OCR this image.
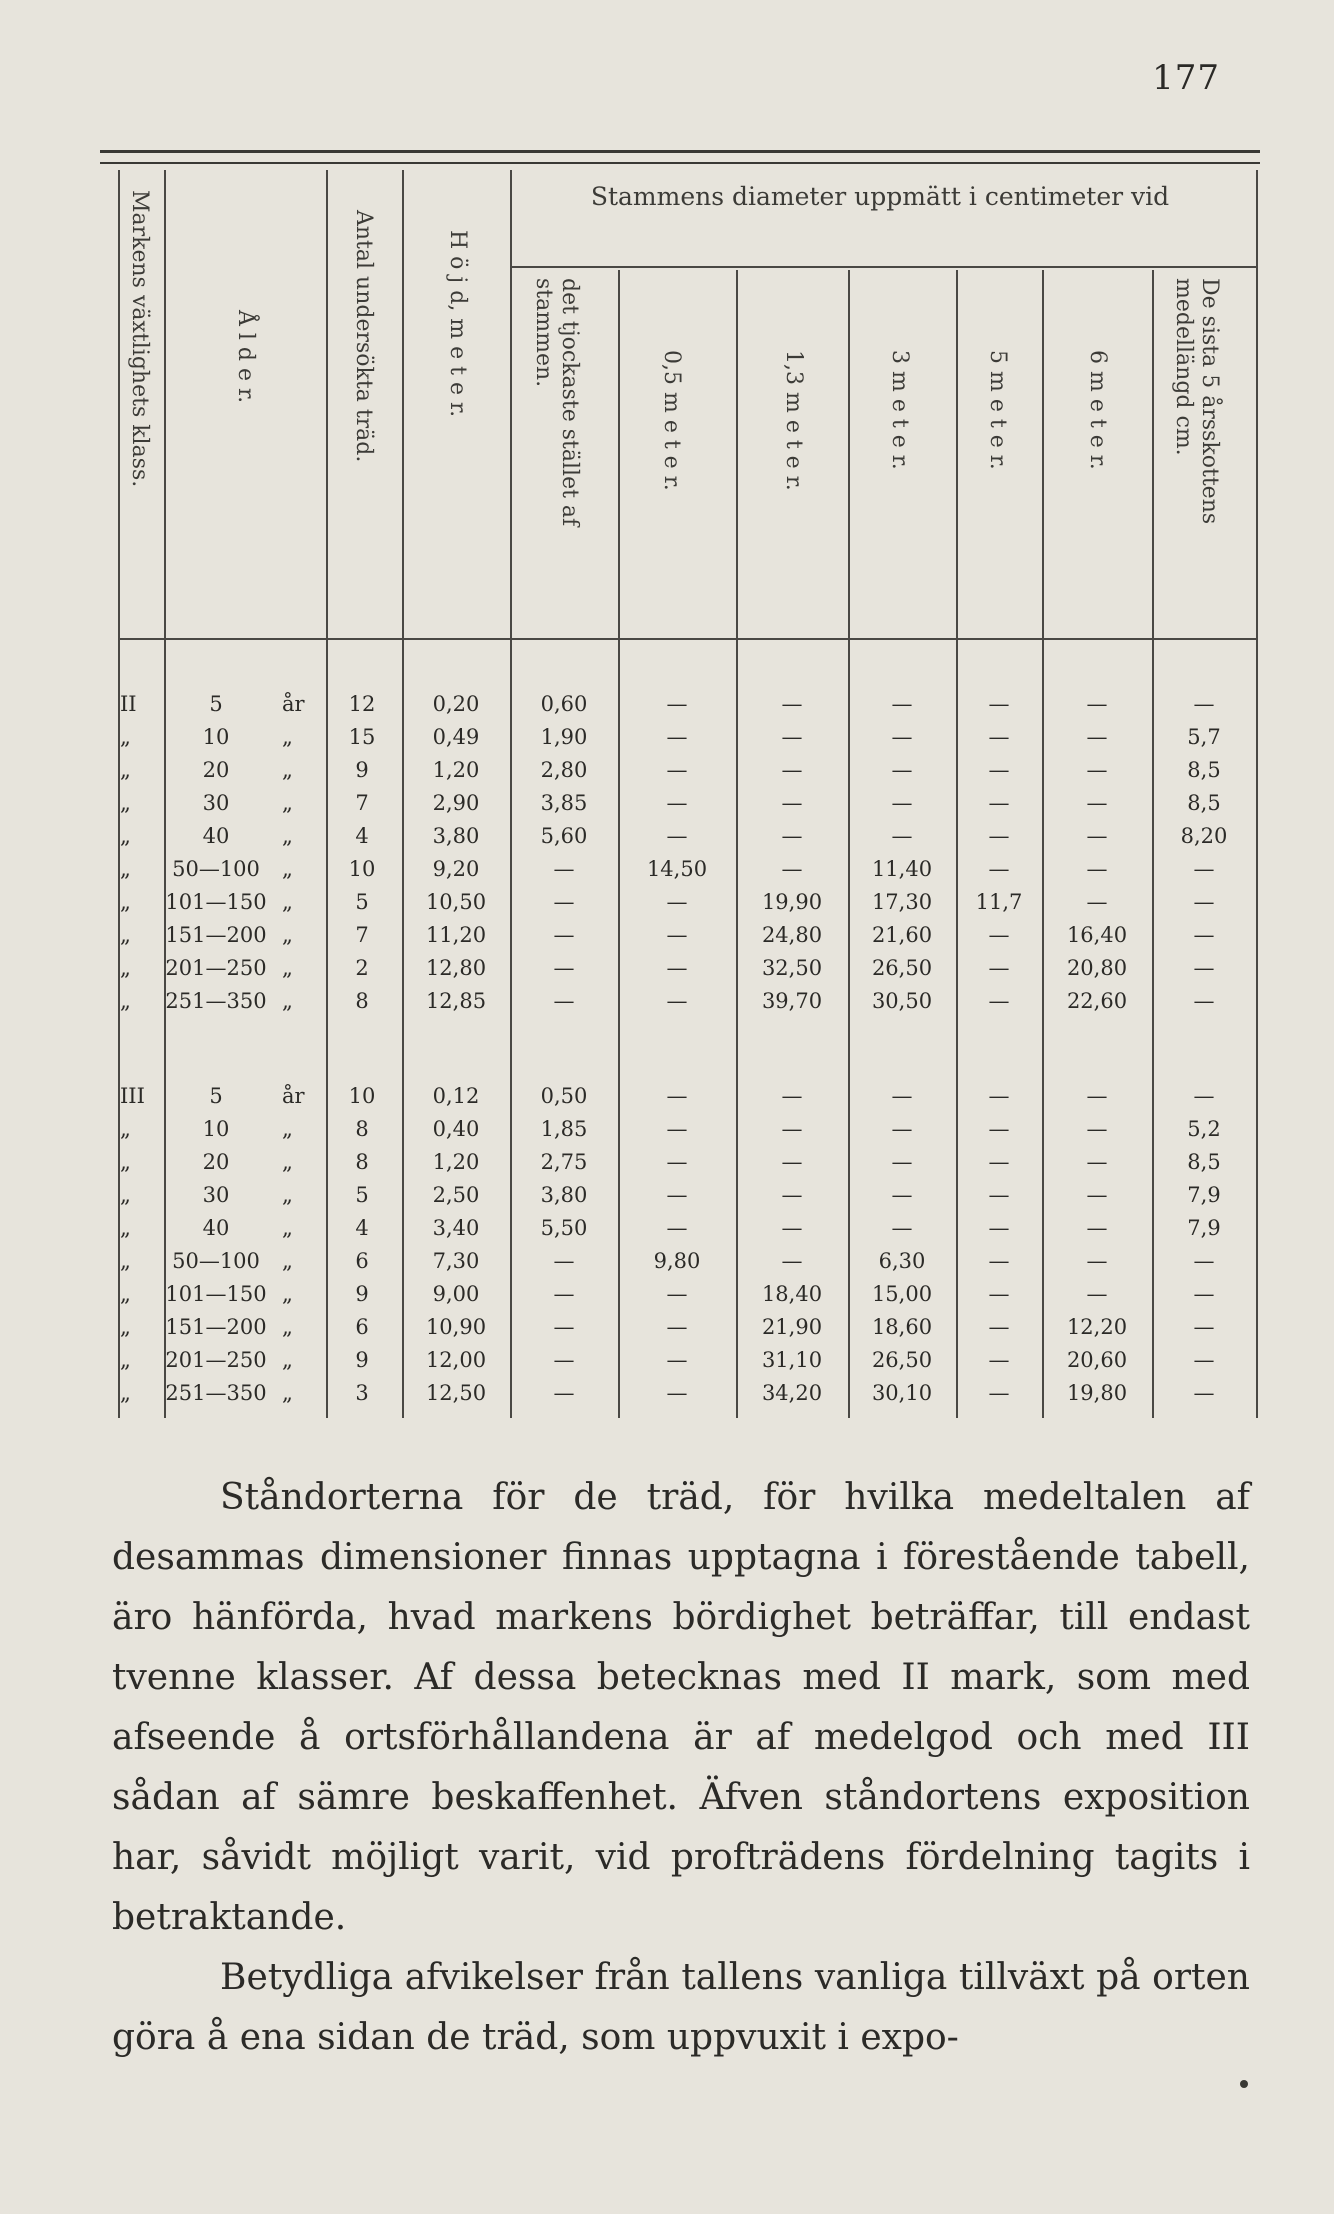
177
Stammens diameter uppmätt i centimeter vid
Markens växtlighets klass.	Å l d e r.	Antal undersökta träd.	H ö j d, m e t e r.	det tjockaste stället af stammen.
0,5 m e t e r.	1,3 m e t e r.	3 m e t e r.	5 m e t e r.	6 m e t e r.	De sista 5 årsskottens medellängd cm.
II	5	år	12	0,20	0,60	—	—	—	—	—	—
„	10	„	15	0,49	1,90	—	—	—	—	—	5,7
„	20	„	9	1,20	2,80	—	—	—	—	—	8,5
„	30	„	7	2,90	3,85	—	—	—	—	—	8,5
„	40	„	4	3,80	5,60	—	—	—	—	—	8,20
„	50—100 „	10	9,20	—	14,50	—	11,40	—	—	—
„	101—150 „	5	10,50	—	—	19,90	17,30	11,7	—	—
„	151—200 „	7	11,20	—	—	24,80	21,60	—	16,40	—
„	201—250 „	2	12,80	—	—	32,50	26,50	—	20,80	—
„	251—350 „	8	12,85	—	—	39,70	30,50	—	22,60	—
III	5	år	10	0,12	0,50	—	—	—	—	—	—
„	10	„	8	0,40	1,85	—	—	—	—	—	5,2
„	20	„	8	1,20	2,75	—	—	—	—	—	8,5
„	30	„	5	2,50	3,80	—	—	—	—	—	7,9
„	40	„	4	3,40	5,50	—	—	—	—	—	7,9
„	50—100 „	6	7,30	—	9,80	—	6,30	—	—	—
„	101—150 „	9	9,00	—	—	18,40	15,00	—	—	—
„	151—200 „	6	10,90	—	—	21,90	18,60	—	12,20	—
„	201—250 „	9	12,00	—	—	31,10	26,50	—	20,60	—
„	251—350 „	3	12,50	—	—	34,20	30,10	—	19,80	—

Ståndorterna för de träd, för hvilka medeltalen af desammas dimensioner finnas upptagna i förestående tabell, äro hänförda, hvad markens bördighet beträffar, till endast tvenne klasser. Af dessa betecknas med II mark, som med afseende å ortsförhållandena är af medelgod och med III sådan af sämre beskaffenhet. Äfven ståndortens exposition har, såvidt möjligt varit, vid profträdens fördelning tagits i betraktande.

Betydliga afvikelser från tallens vanliga tillväxt på orten göra å ena sidan de träd, som uppvuxit i expo-
